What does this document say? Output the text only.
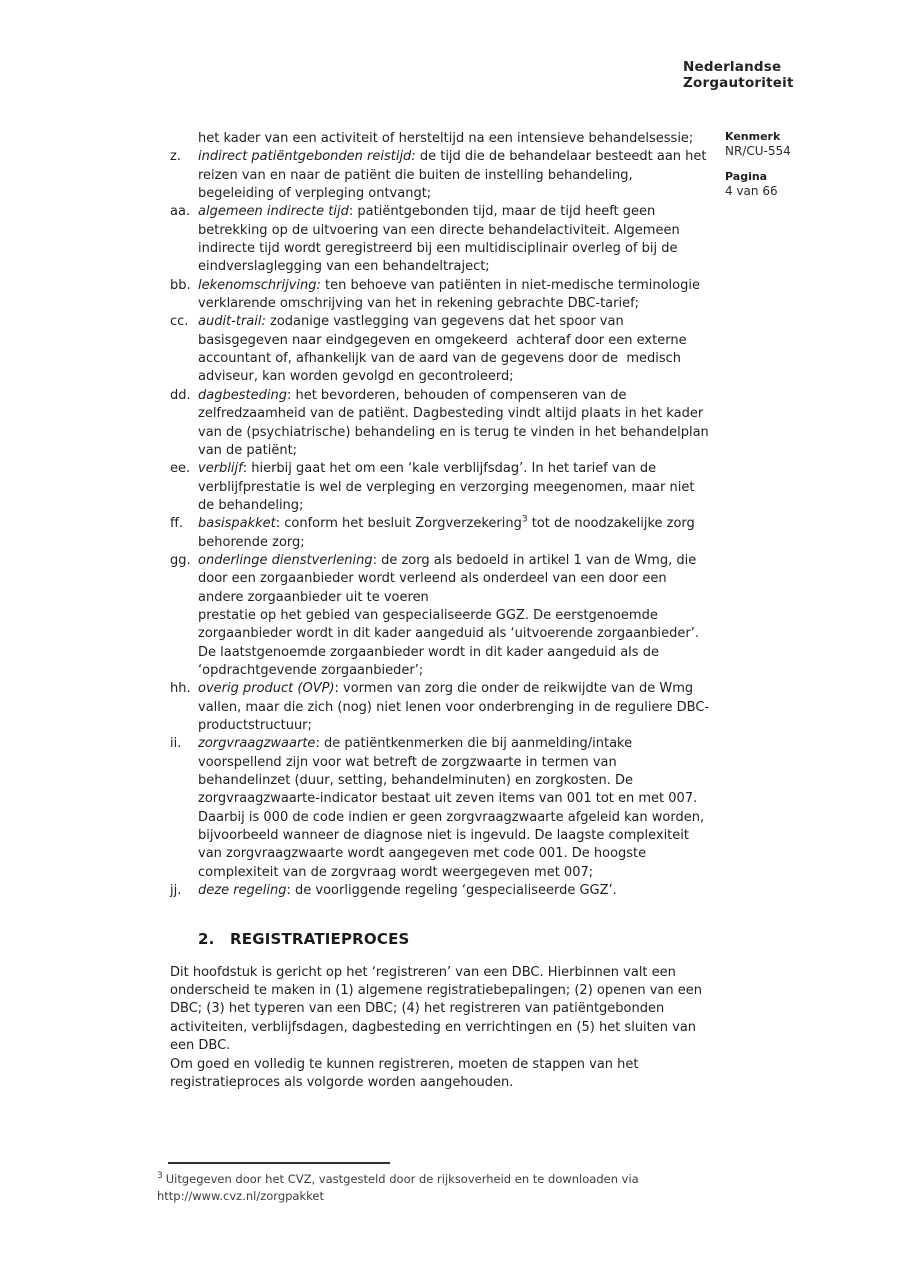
Nederlandse Zorgautoriteit
Kenmerk
NR/CU-554
Pagina
4 van 66
het kader van een activiteit of hersteltijd na een intensieve behandelsessie;
z.	indirect patiëntgebonden reistijd: de tijd die de behandelaar besteedt aan het reizen van en naar de patiënt die buiten de instelling behandeling, begeleiding of verpleging ontvangt;
aa. algemeen indirecte tijd: patiëntgebonden tijd, maar de tijd heeft geen betrekking op de uitvoering van een directe behandelactiviteit. Algemeen indirecte tijd wordt geregistreerd bij een multidisciplinair overleg of bij de eindverslaglegging van een behandeltraject;
bb. lekenomschrijving: ten behoeve van patiënten in niet-medische terminologie verklarende omschrijving van het in rekening gebrachte DBC-tarief;
cc. audit-trail: zodanige vastlegging van gegevens dat het spoor van basisgegeven naar eindgegeven en omgekeerd  achteraf door een externe accountant of, afhankelijk van de aard van de gegevens door de  medisch adviseur, kan worden gevolgd en gecontroleerd;
dd. dagbesteding: het bevorderen, behouden of compenseren van de zelfredzaamheid van de patiënt. Dagbesteding vindt altijd plaats in het kader van de (psychiatrische) behandeling en is terug te vinden in het behandelplan van de patiënt;
ee. verblijf: hierbij gaat het om een ‘kale verblijfsdag’. In het tarief van de verblijfprestatie is wel de verpleging en verzorging meegenomen, maar niet de behandeling;
ff.	basispakket: conform het besluit Zorgverzekering$^3$ tot de noodzakelijke zorg behorende zorg;
gg. onderlinge dienstverlening: de zorg als bedoeld in artikel 1 van de Wmg, die door een zorgaanbieder wordt verleend als onderdeel van een door een andere zorgaanbieder uit te voeren
prestatie op het gebied van gespecialiseerde GGZ. De eerstgenoemde zorgaanbieder wordt in dit kader aangeduid als ‘uitvoerende zorgaanbieder’. De laatstgenoemde zorgaanbieder wordt in dit kader aangeduid als de ‘opdrachtgevende zorgaanbieder’;
hh. overig product (OVP): vormen van zorg die onder de reikwijdte van de Wmg vallen, maar die zich (nog) niet lenen voor onderbrenging in de reguliere DBC-productstructuur;
ii.	zorgvraagzwaarte: de patiëntkenmerken die bij aanmelding/intake voorspellend zijn voor wat betreft de zorgzwaarte in termen van behandelinzet (duur, setting, behandelminuten) en zorgkosten. De zorgvraagzwaarte-indicator bestaat uit zeven items van 001 tot en met 007. Daarbij is 000 de code indien er geen zorgvraagzwaarte afgeleid kan worden, bijvoorbeeld wanneer de diagnose niet is ingevuld. De laagste complexiteit van zorgvraagzwaarte wordt aangegeven met code 001. De hoogste complexiteit van de zorgvraag wordt weergegeven met 007;
jj.	deze regeling: de voorliggende regeling ‘gespecialiseerde GGZ’.
2. REGISTRATIEPROCES

Dit hoofdstuk is gericht op het ‘registreren’ van een DBC. Hierbinnen valt een onderscheid te maken in (1) algemene registratiebepalingen; (2) openen van een DBC; (3) het typeren van een DBC; (4) het registreren van patiëntgebonden activiteiten, verblijfsdagen, dagbesteding en verrichtingen en (5) het sluiten van een DBC.

Om goed en volledig te kunnen registreren, moeten de stappen van het registratieproces als volgorde worden aangehouden.

$^3$ Uitgegeven door het CVZ, vastgesteld door de rijksoverheid en te downloaden via
http://www.cvz.nl/zorgpakket
